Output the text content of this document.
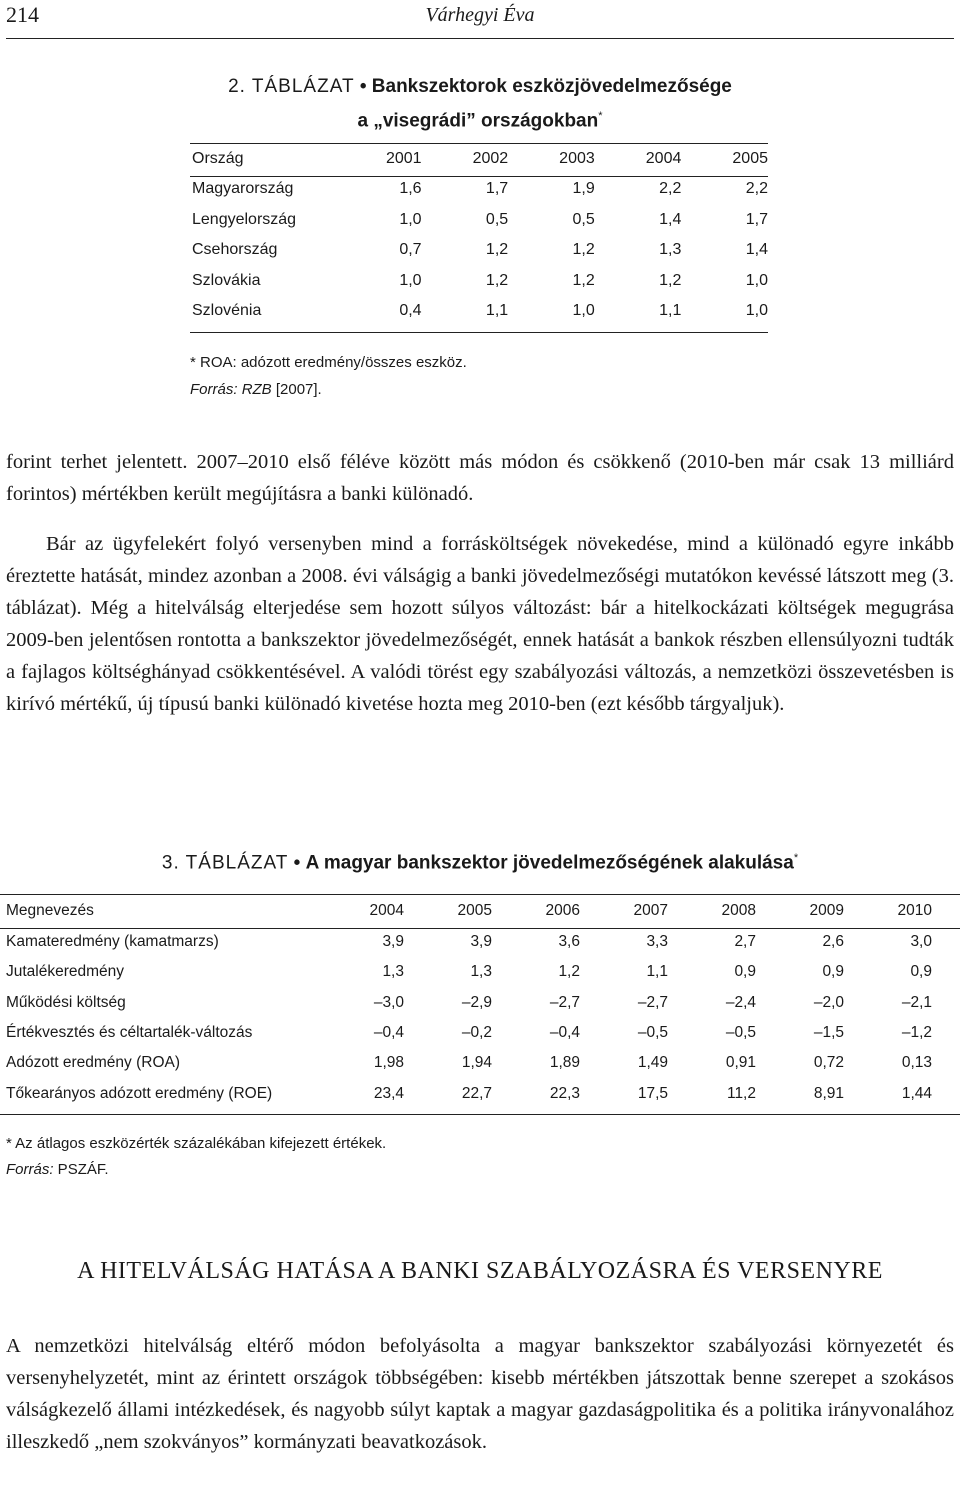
214	Várhegyi Éva
2. TÁBLÁZAT • Bankszektorok eszközjövedelmezősége
a „visegrádi” országokban*
Ország	2001	2002	2003	2004	2005
Magyarország	1,6	1,7	1,9	2,2	2,2
Lengyelország	1,0	0,5	0,5	1,4	1,7
Csehország	0,7	1,2	1,2	1,3	1,4
Szlovákia	1,0	1,2	1,2	1,2	1,0
Szlovénia	0,4	1,1	1,0	1,1	1,0
* ROA: adózott eredmény/összes eszköz.
Forrás: RZB [2007].

forint terhet jelentett. 2007–2010 első féléve között más módon és csökkenő (2010-ben már csak 13 milliárd forintos) mértékben került megújításra a banki különadó.

Bár az ügyfelekért folyó versenyben mind a forrásköltségek növekedése, mind a különadó egyre inkább éreztette hatását, mindez azonban a 2008. évi válságig a banki jövedelmezőségi mutatókon kevéssé látszott meg (3. táblázat). Még a hitelválság elterjedése sem hozott súlyos változást: bár a hitelkockázati költségek megugrása 2009-ben jelentősen rontotta a bankszektor jövedelmezőségét, ennek hatását a bankok részben ellensúlyozni tudták a fajlagos költséghányad csökkentésével. A valódi törést egy szabályozási változás, a nemzetközi összevetésben is kirívó mértékű, új típusú banki különadó kivetése hozta meg 2010-ben (ezt később tárgyaljuk).

3. TÁBLÁZAT • A magyar bankszektor jövedelmezőségének alakulása*
Megnevezés	2004	2005	2006	2007	2008	2009	2010
Kamateredmény (kamatmarzs)	3,9	3,9	3,6	3,3	2,7	2,6	3,0
Jutalékeredmény	1,3	1,3	1,2	1,1	0,9	0,9	0,9
Működési költség	–3,0	–2,9	–2,7	–2,7	–2,4	–2,0	–2,1
Értékvesztés és céltartalék-változás	–0,4	–0,2	–0,4	–0,5	–0,5	–1,5	–1,2
Adózott eredmény (ROA)	1,98	1,94	1,89	1,49	0,91	0,72	0,13
Tőkearányos adózott eredmény (ROE)	23,4	22,7	22,3	17,5	11,2	8,91	1,44
* Az átlagos eszközérték százalékában kifejezett értékek.
Forrás: PSZÁF.
A HITELVÁLSÁG HATÁSA A BANKI SZABÁLYOZÁSRA ÉS VERSENYRE

A nemzetközi hitelválság eltérő módon befolyásolta a magyar bankszektor szabályozási környezetét és versenyhelyzetét, mint az érintett országok többségében: kisebb mértékben játszottak benne szerepet a szokásos válságkezelő állami intézkedések, és nagyobb súlyt kaptak a magyar gazdaságpolitika és a politika irányvonalához illeszkedő „nem szokványos” kormányzati beavatkozások.
